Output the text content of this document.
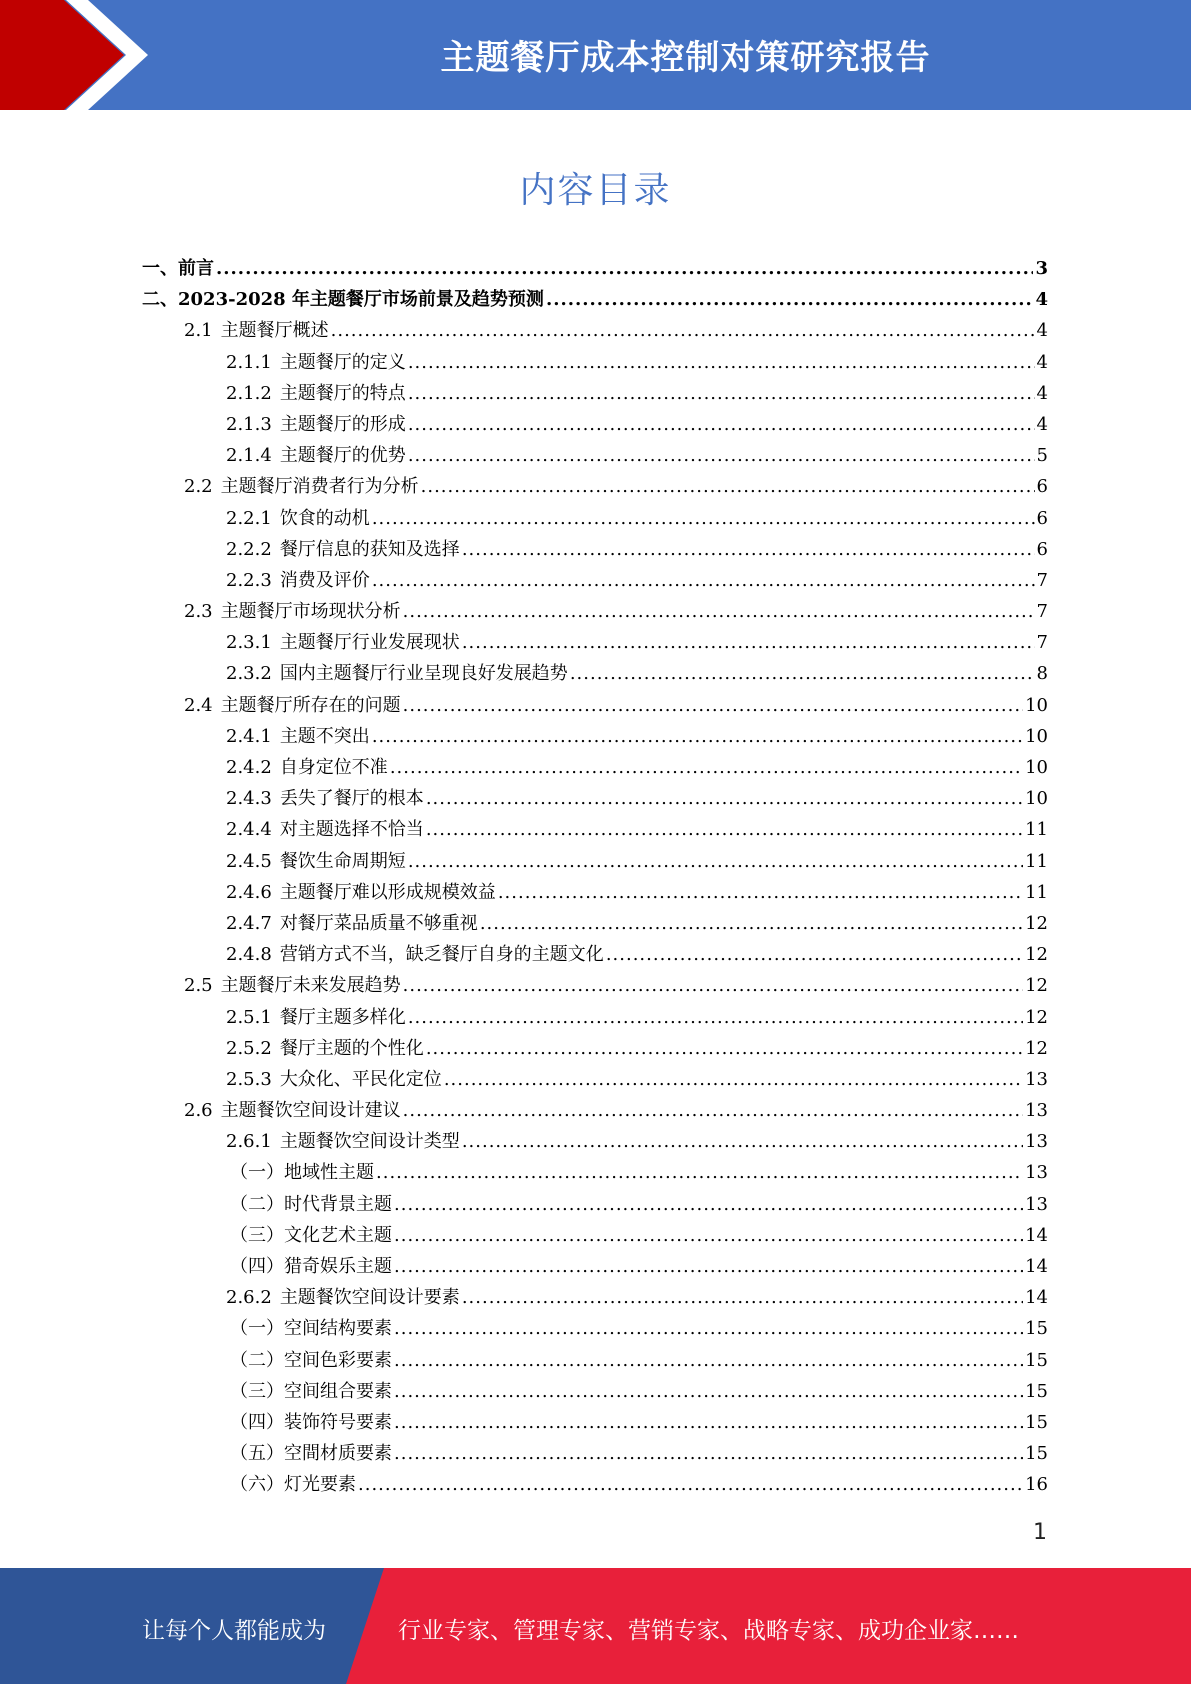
主题餐厅成本控制对策研究报告
内容目录
一、前言 .....	3
二、2023-2028 年主题餐厅市场前景及趋势预测 .....	4
2.1 主题餐厅概述 .....	4
2.1.1 主题餐厅的定义 .....	4
2.1.2 主题餐厅的特点 .....	4
2.1.3 主题餐厅的形成 .....	4
2.1.4 主题餐厅的优势 .....	5
2.2 主题餐厅消费者行为分析 .....	6
2.2.1 饮食的动机 .....	6
2.2.2 餐厅信息的获知及选择 .....	6
2.2.3 消费及评价 .....	7
2.3 主题餐厅市场现状分析 .....	7
2.3.1 主题餐厅行业发展现状 .....	7
2.3.2 国内主题餐厅行业呈现良好发展趋势 .....	8
2.4 主题餐厅所存在的问题 .....	10
2.4.1 主题不突出 .....	10
2.4.2 自身定位不准 .....	10
2.4.3 丢失了餐厅的根本 .....	10
2.4.4 对主题选择不恰当 .....	11
2.4.5 餐饮生命周期短 .....	11
2.4.6 主题餐厅难以形成规模效益 .....	11
2.4.7 对餐厅菜品质量不够重视 .....	12
2.4.8 营销方式不当，缺乏餐厅自身的主题文化 .....	12
2.5 主题餐厅未来发展趋势 .....	12
2.5.1 餐厅主题多样化 .....	12
2.5.2 餐厅主题的个性化 .....	12
2.5.3 大众化、平民化定位 .....	13
2.6 主题餐饮空间设计建议 .....	13
2.6.1 主题餐饮空间设计类型 .....	13
（一）地域性主题 .....	13
（二）时代背景主题 .....	13
（三）文化艺术主题 .....	14
（四）猎奇娱乐主题 .....	14
2.6.2 主题餐饮空间设计要素 .....	14
（一）空间结构要素 .....	15
（二）空间色彩要素 .....	15
（三）空间组合要素 .....	15
（四）装饰符号要素 .....	15
（五）空間材质要素 .....	15
（六）灯光要素 .....	16
1
让每个人都能成为	行业专家、管理专家、营销专家、战略专家、成功企业家……
